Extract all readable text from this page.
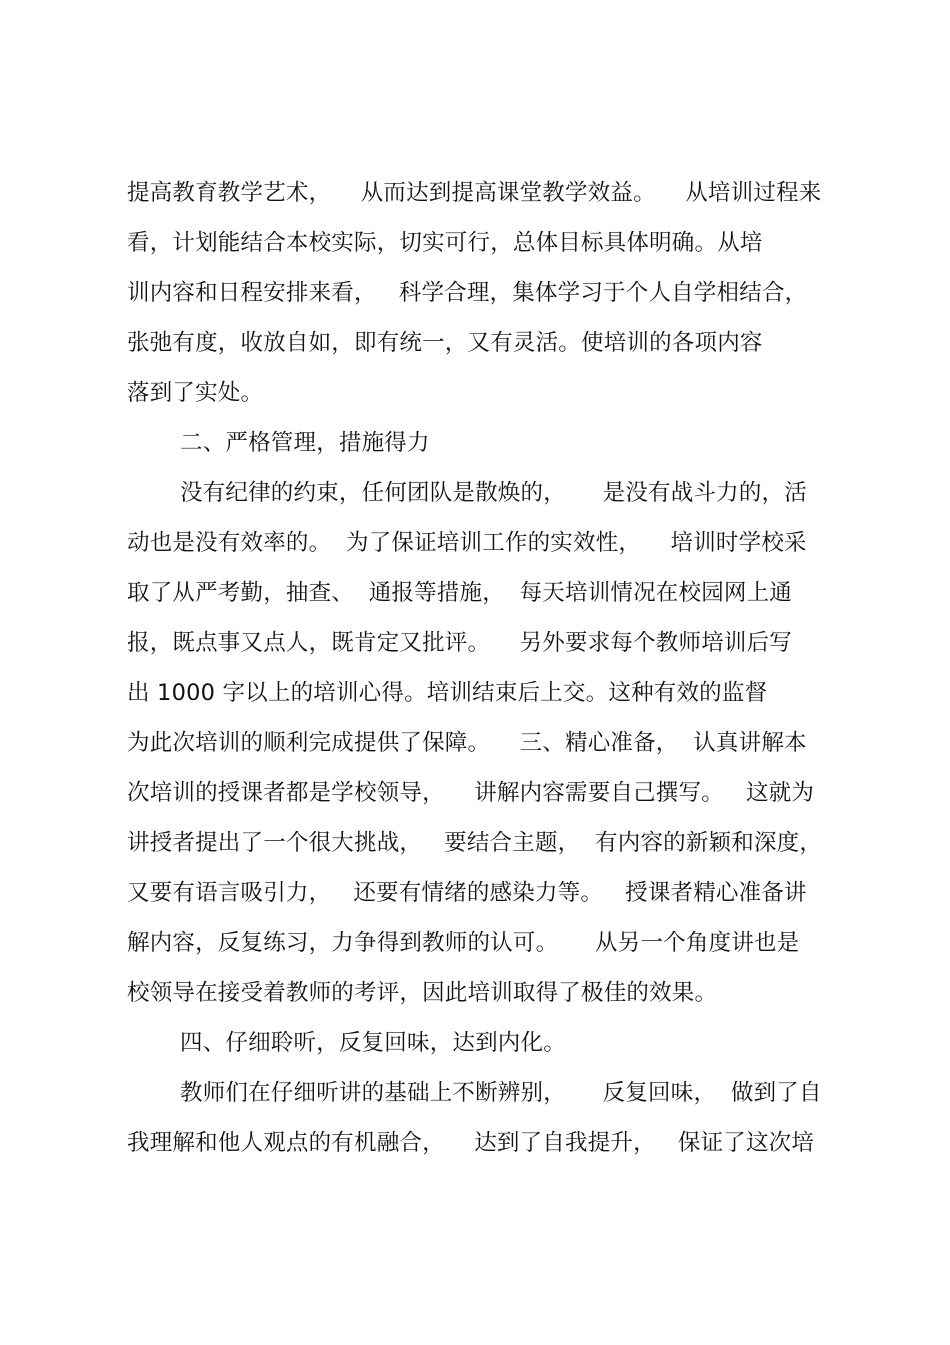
提高教育教学艺术，    从而达到提高课堂教学效益。    从培训过程来
看，计划能结合本校实际，切实可行，总体目标具体明确。从培
训内容和日程安排来看，   科学合理，集体学习于个人自学相结合，
张弛有度，收放自如，即有统一，又有灵活。使培训的各项内容
落到了实处。
二、严格管理，措施得力
没有纪律的约束，任何团队是散焕的，     是没有战斗力的，活
动也是没有效率的。  为了保证培训工作的实效性，    培训时学校采
取了从严考勤，抽查、  通报等措施，  每天培训情况在校园网上通
报，既点事又点人，既肯定又批评。    另外要求每个教师培训后写
出 1000 字以上的培训心得。培训结束后上交。这种有效的监督
为此次培训的顺利完成提供了保障。    三、精心准备，  认真讲解本
次培训的授课者都是学校领导，    讲解内容需要自己撰写。   这就为
讲授者提出了一个很大挑战，   要结合主题，  有内容的新颖和深度，
又要有语言吸引力，   还要有情绪的感染力等。   授课者精心准备讲
解内容，反复练习，力争得到教师的认可。     从另一个角度讲也是
校领导在接受着教师的考评，因此培训取得了极佳的效果。
四、仔细聆听，反复回味，达到内化。
教师们在仔细听讲的基础上不断辨别，     反复回味，  做到了自
我理解和他人观点的有机融合，    达到了自我提升，   保证了这次培
